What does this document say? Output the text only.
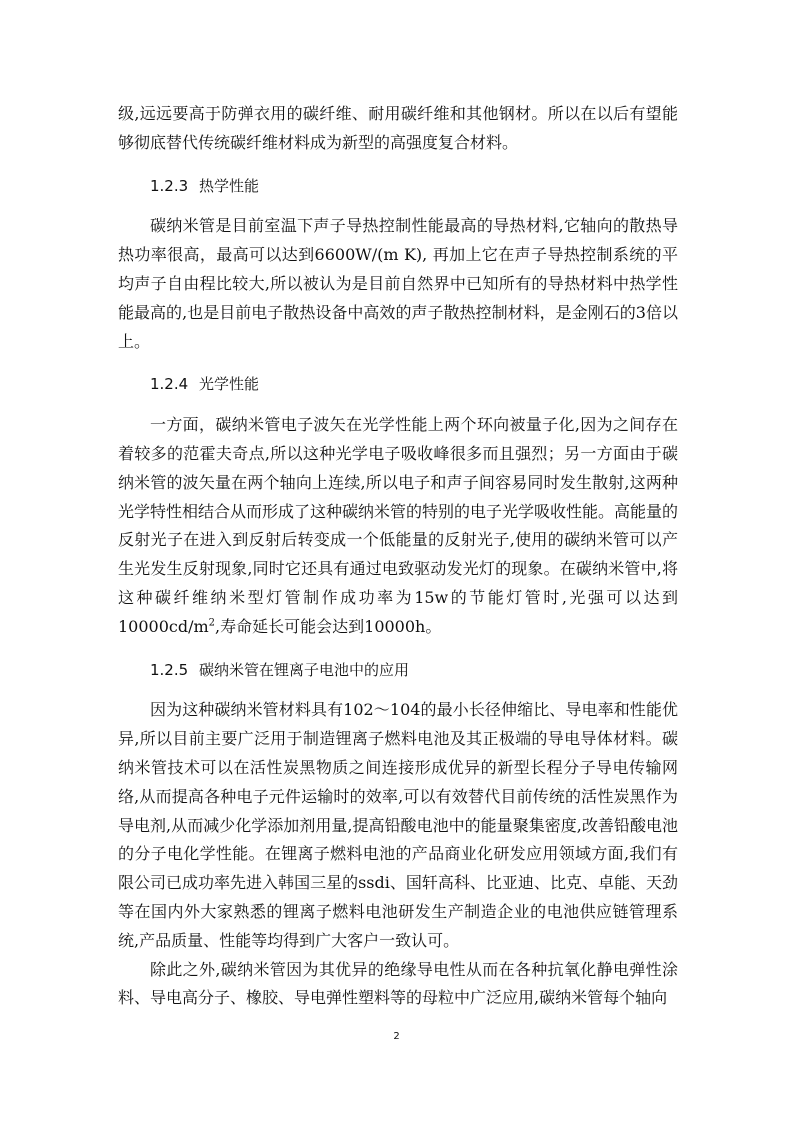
级,远远要高于防弹衣用的碳纤维、耐用碳纤维和其他钢材。所以在以后有望能够彻底替代传统碳纤维材料成为新型的高强度复合材料。

1.2.3 热学性能

碳纳米管是目前室温下声子导热控制性能最高的导热材料,它轴向的散热导热功率很高，最高可以达到6600W/(m K), 再加上它在声子导热控制系统的平均声子自由程比较大,所以被认为是目前自然界中已知所有的导热材料中热学性能最高的,也是目前电子散热设备中高效的声子散热控制材料，是金刚石的3倍以上。

1.2.4 光学性能

一方面，碳纳米管电子波矢在光学性能上两个环向被量子化,因为之间存在着较多的范霍夫奇点,所以这种光学电子吸收峰很多而且强烈；另一方面由于碳纳米管的波矢量在两个轴向上连续,所以电子和声子间容易同时发生散射,这两种光学特性相结合从而形成了这种碳纳米管的特别的电子光学吸收性能。高能量的反射光子在进入到反射后转变成一个低能量的反射光子,使用的碳纳米管可以产生光发生反射现象,同时它还具有通过电致驱动发光灯的现象。在碳纳米管中,将这种碳纤维纳米型灯管制作成功率为15w的节能灯管时,光强可以达到$10000cd/m^2$,寿命延长可能会达到10000h。

1.2.5 碳纳米管在锂离子电池中的应用

因为这种碳纳米管材料具有102～104的最小长径伸缩比、导电率和性能优异,所以目前主要广泛用于制造锂离子燃料电池及其正极端的导电导体材料。碳纳米管技术可以在活性炭黑物质之间连接形成优异的新型长程分子导电传输网络,从而提高各种电子元件运输时的效率,可以有效替代目前传统的活性炭黑作为导电剂,从而减少化学添加剂用量,提高铅酸电池中的能量聚集密度,改善铅酸电池的分子电化学性能。在锂离子燃料电池的产品商业化研发应用领域方面,我们有限公司已成功率先进入韩国三星的ssdi、国轩高科、比亚迪、比克、卓能、天劲等在国内外大家熟悉的锂离子燃料电池研发生产制造企业的电池供应链管理系统,产品质量、性能等均得到广大客户一致认可。

除此之外,碳纳米管因为其优异的绝缘导电性从而在各种抗氧化静电弹性涂料、导电高分子、橡胶、导电弹性塑料等的母粒中广泛应用,碳纳米管每个轴向

2
